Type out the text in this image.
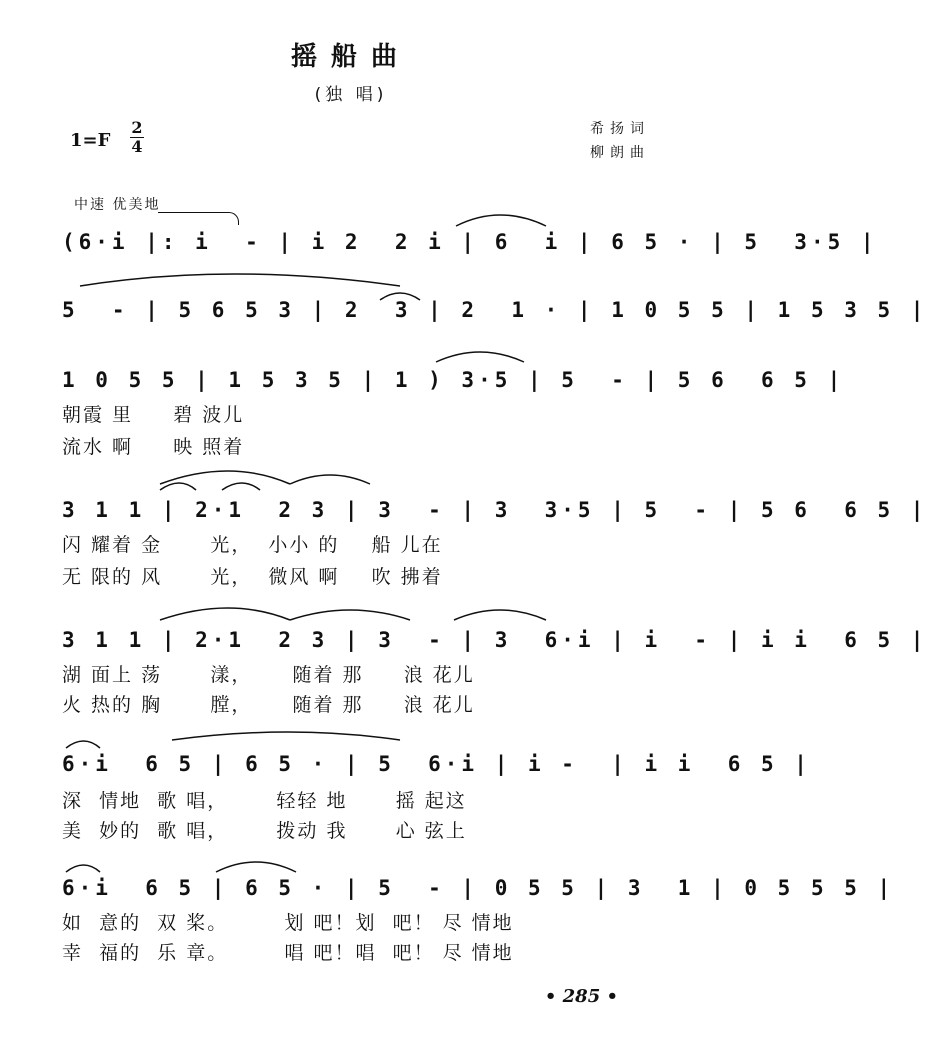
摇船曲
(独 唱)
希扬词
柳朗曲
1=F
2
4
中速 优美地
(6·i |: i  - | i 2  2 i | 6  i | 6 5 · | 5  3·5 |
5  - | 5 6 5 3 | 2  3 | 2  1 · | 1 0 5 5 | 1 5 3 5 |
1 0 5 5 | 1 5 3 5 | 1 ) 3·5 | 5  - | 5 6  6 5 |
朝霞 里     碧 波儿
流水 啊     映 照着
3 1 1 | 2·1  2 3 | 3  - | 3  3·5 | 5  - | 5 6  6 5 |
闪 耀着 金      光，  小小 的    船 儿在
无 限的 风      光，  微风 啊    吹 拂着
3 1 1 | 2·1  2 3 | 3  - | 3  6·i | i  - | i i  6 5 |
湖 面上 荡      漾，     随着 那     浪 花儿
火 热的 胸      膛，     随着 那     浪 花儿
6·i  6 5 | 6 5 · | 5  6·i | i -  | i i  6 5 |
深  情地  歌 唱，      轻轻 地      摇 起这
美  妙的  歌 唱，      拨动 我      心 弦上
6·i  6 5 | 6 5 · | 5  - | 0 5 5 | 3  1 | 0 5 5 5 |
如  意的  双 桨。       划 吧！划  吧！ 尽 情地
幸  福的  乐 章。       唱 吧！唱  吧！ 尽 情地
• 285 •
